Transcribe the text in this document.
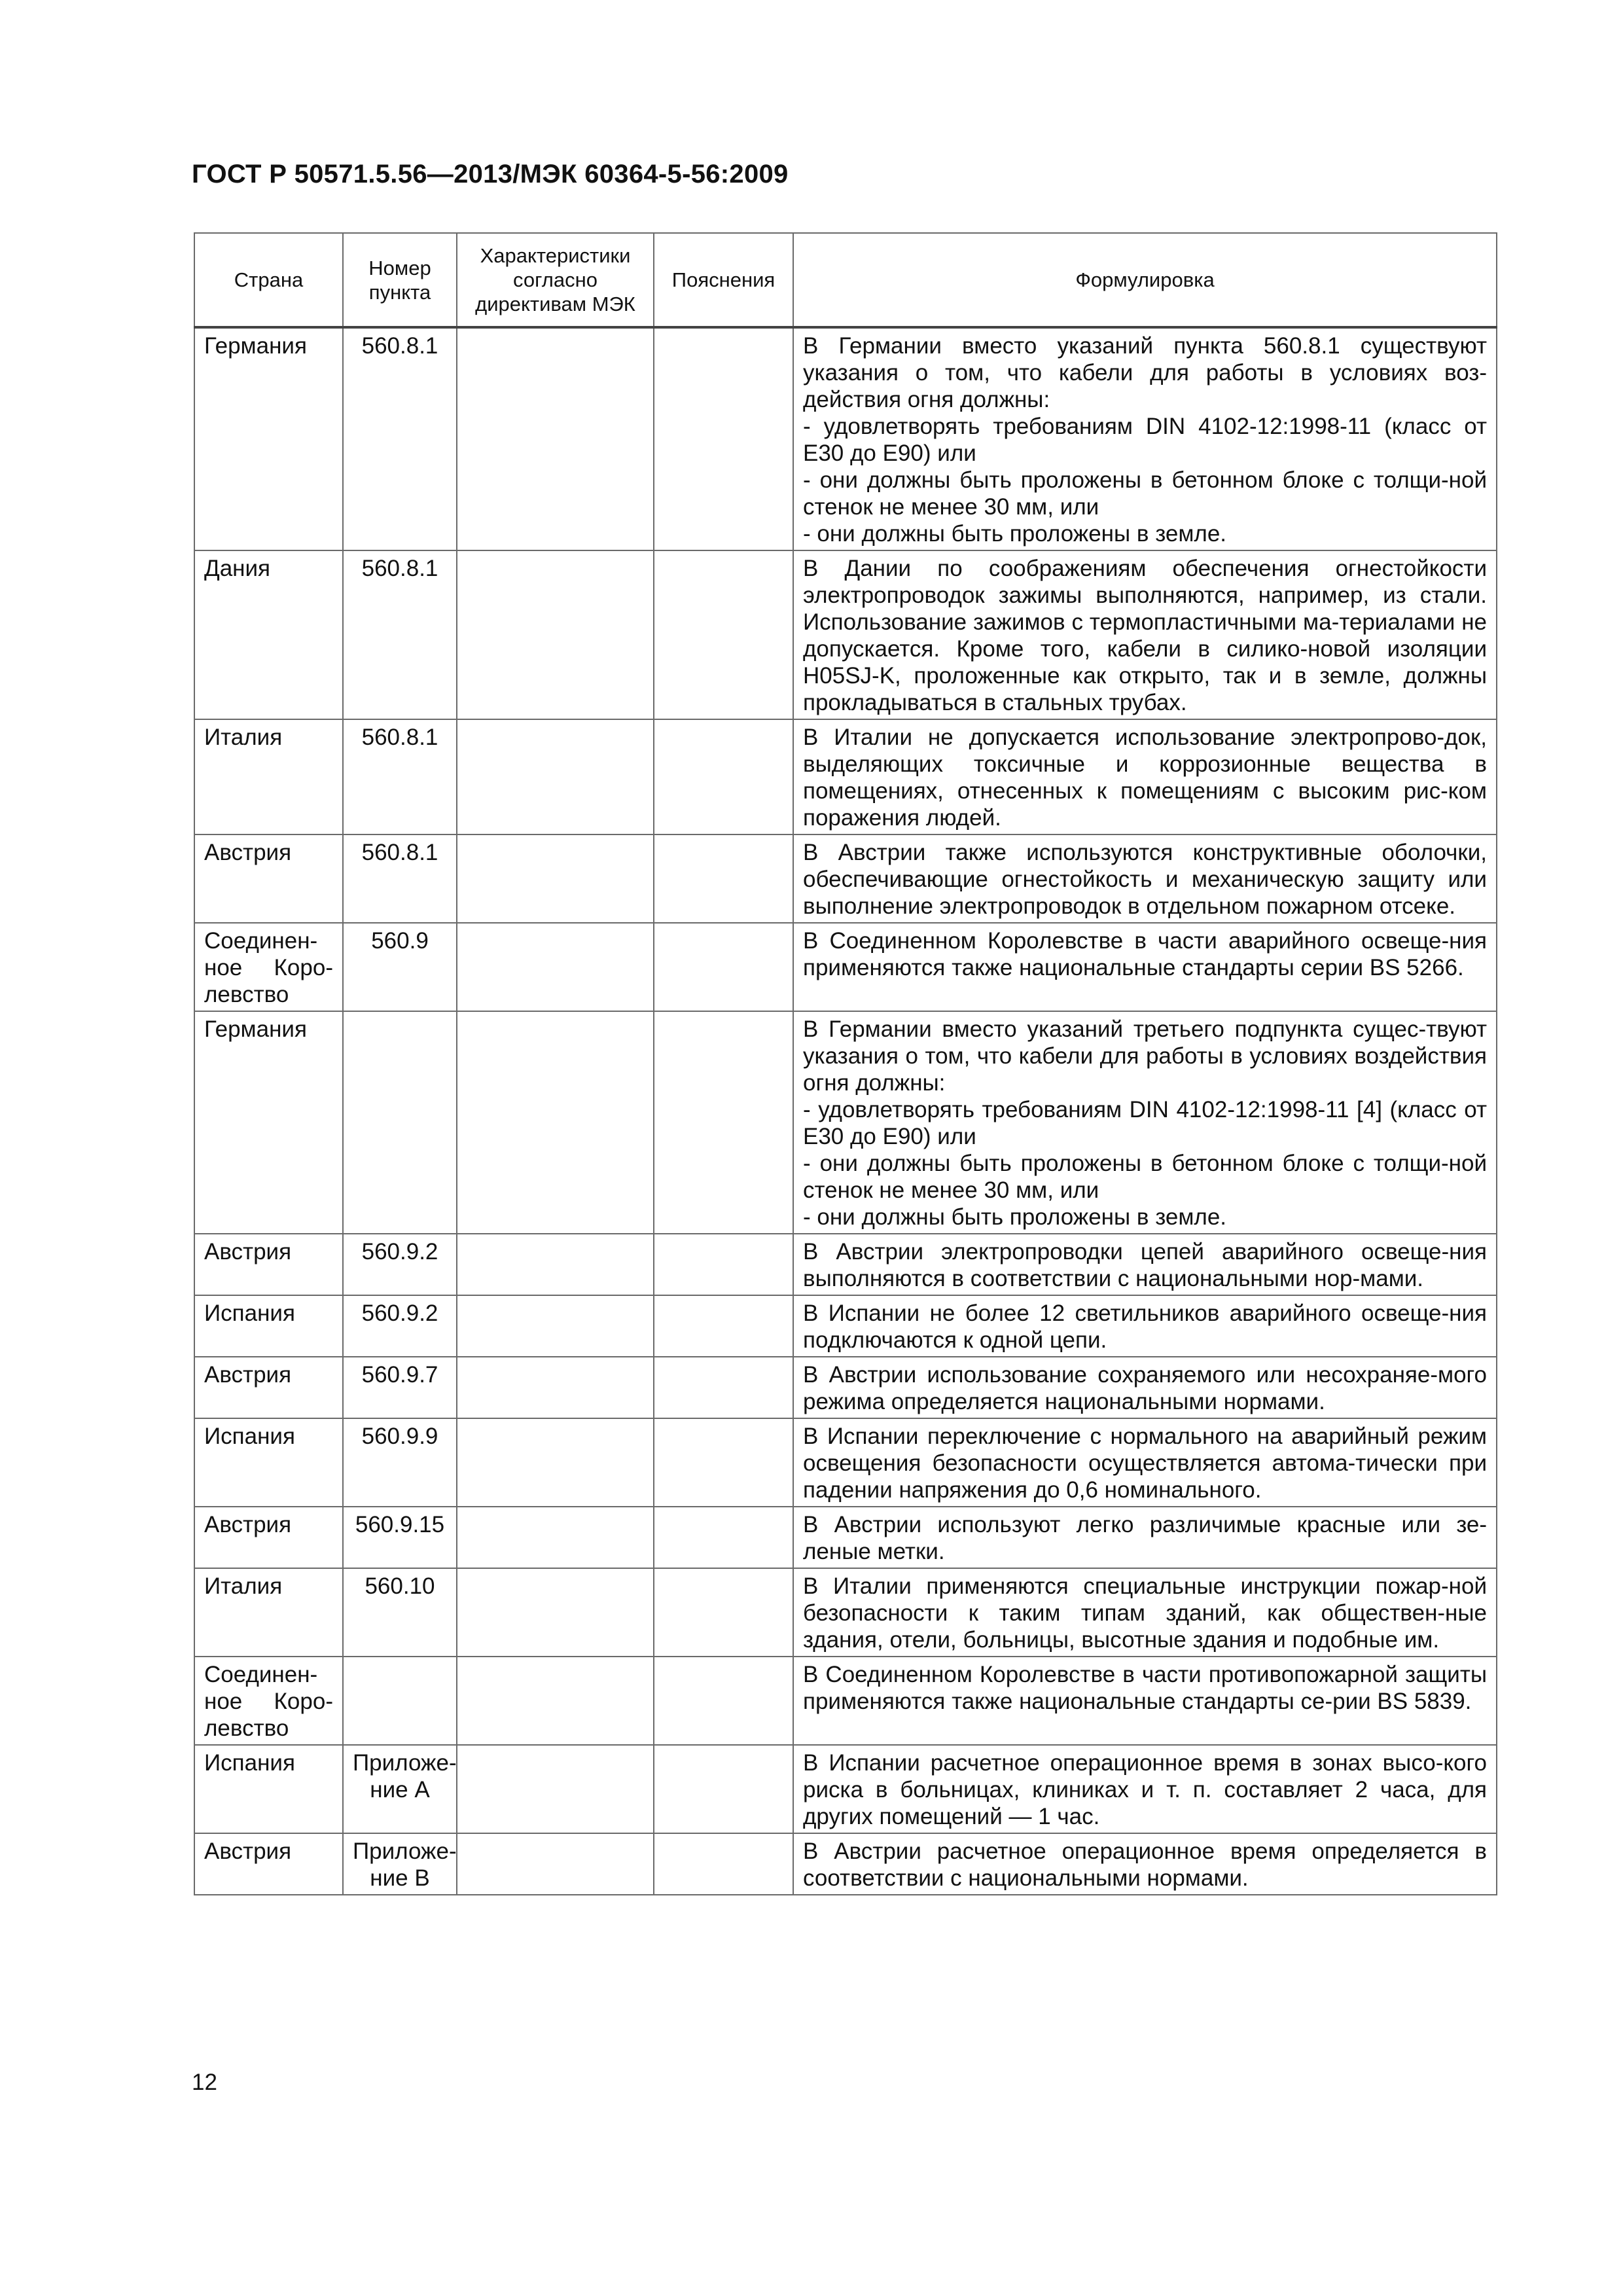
ГОСТ Р 50571.5.56—2013/МЭК 60364-5-56:2009
Страна	Номер пункта	Характеристики согласно директивам МЭК	Пояснения	Формулировка
Германия	560.8.1			В Германии вместо указаний пункта 560.8.1 существуют указания о том, что кабели для работы в условиях воз-действия огня должны:
- удовлетворять требованиям DIN 4102-12:1998-11 (класс от Е30 до Е90) или
- они должны быть проложены в бетонном блоке с толщи-ной стенок не менее 30 мм, или
- они должны быть проложены в земле.
Дания	560.8.1			В Дании по соображениям обеспечения огнестойкости электропроводок зажимы выполняются, например, из стали. Использование зажимов с термопластичными ма-териалами не допускается. Кроме того, кабели в силико-новой изоляции H05SJ-K, проложенные как открыто, так и в земле, должны прокладываться в стальных трубах.
Италия	560.8.1			В Италии не допускается использование электропрово-док, выделяющих токсичные и коррозионные вещества в помещениях, отнесенных к помещениям с высоким рис-ком поражения людей.
Австрия	560.8.1			В Австрии также используются конструктивные оболочки, обеспечивающие огнестойкость и механическую защиту или выполнение электропроводок в отдельном пожарном отсеке.
Соединен-ное Коро-левство	560.9			В Соединенном Королевстве в части аварийного освеще-ния применяются также национальные стандарты серии BS 5266.
Германия				В Германии вместо указаний третьего подпункта сущес-твуют указания о том, что кабели для работы в условиях воздействия огня должны:
- удовлетворять требованиям DIN 4102-12:1998-11 [4] (класс от Е30 до Е90) или
- они должны быть проложены в бетонном блоке с толщи-ной стенок не менее 30 мм, или
- они должны быть проложены в земле.
Австрия	560.9.2			В Австрии электропроводки цепей аварийного освеще-ния выполняются в соответствии с национальными нор-мами.
Испания	560.9.2			В Испании не более 12 светильников аварийного освеще-ния подключаются к одной цепи.
Австрия	560.9.7			В Австрии использование сохраняемого или несохраняе-мого режима определяется национальными нормами.
Испания	560.9.9			В Испании переключение с нормального на аварийный режим освещения безопасности осуществляется автома-тически при падении напряжения до 0,6 номинального.
Австрия	560.9.15			В Австрии используют легко различимые красные или зе-леные метки.
Италия	560.10			В Италии применяются специальные инструкции пожар-ной безопасности к таким типам зданий, как обществен-ные здания, отели, больницы, высотные здания и подобные им.
Соединен-ное Коро-левство				В Соединенном Королевстве в части противопожарной защиты применяются также национальные стандарты се-рии BS 5839.
Испания	Приложе-ние А			В Испании расчетное операционное время в зонах высо-кого риска в больницах, клиниках и т. п. составляет 2 часа, для других помещений — 1 час.
Австрия	Приложе-ние В			В Австрии расчетное операционное время определяется в соответствии с национальными нормами.
12
